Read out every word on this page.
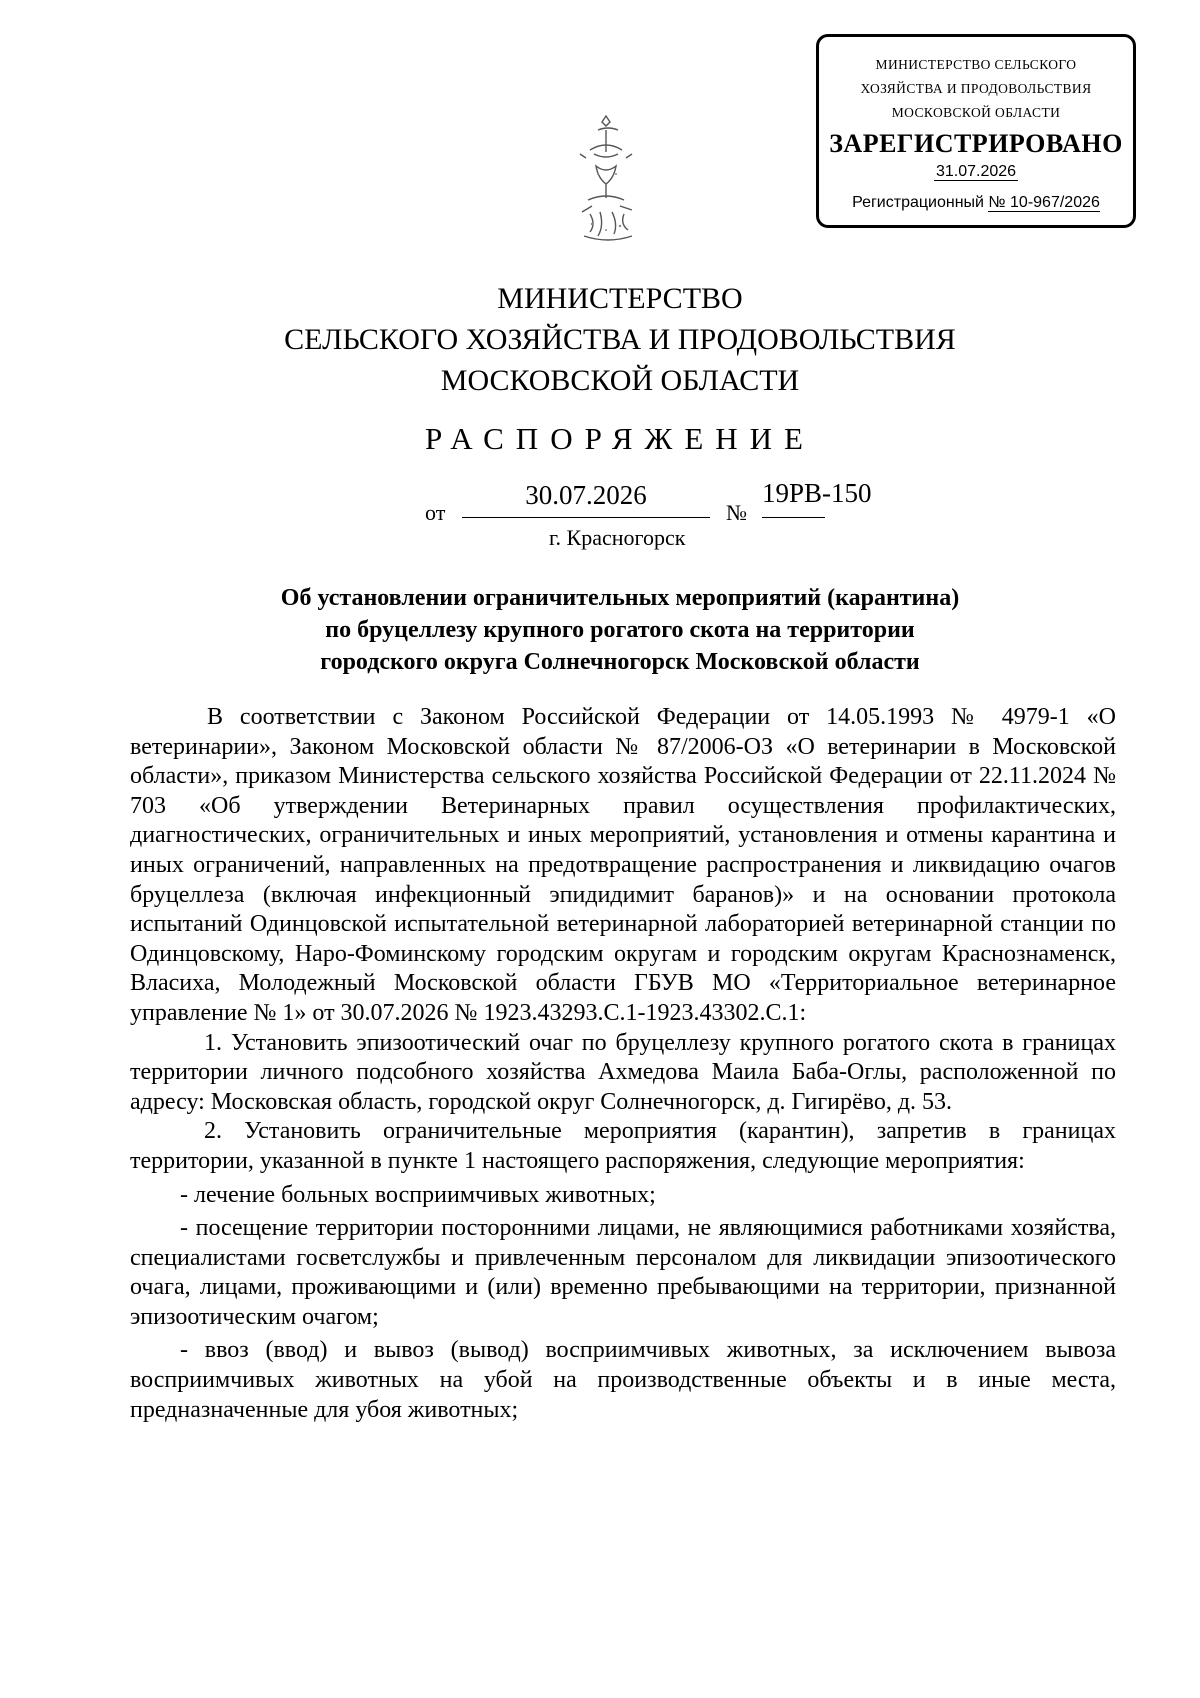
МИНИСТЕРСТВО СЕЛЬСКОГО
ХОЗЯЙСТВА И ПРОДОВОЛЬСТВИЯ
МОСКОВСКОЙ ОБЛАСТИ
ЗАРЕГИСТРИРОВАНО
31.07.2026
Регистрационный № 10-967/2026
МИНИСТЕРСТВО
СЕЛЬСКОГО ХОЗЯЙСТВА И ПРОДОВОЛЬСТВИЯ
МОСКОВСКОЙ ОБЛАСТИ
РАСПОРЯЖЕНИЕ
от
30.07.2026
№
19РВ-150
г. Красногорск
Об установлении ограничительных мероприятий (карантина)
по бруцеллезу крупного рогатого скота на территории
городского округа Солнечногорск Московской области

В соответствии с Законом Российской Федерации от 14.05.1993 № 4979-1 «О ветеринарии», Законом Московской области № 87/2006-ОЗ «О ветеринарии в Московской области», приказом Министерства сельского хозяйства Российской Федерации от 22.11.2024 № 703 «Об утверждении Ветеринарных правил осуществления профилактических, диагностических, ограничительных и иных мероприятий, установления и отмены карантина и иных ограничений, направленных на предотвращение распространения и ликвидацию очагов бруцеллеза (включая инфекционный эпидидимит баранов)» и на основании протокола испытаний Одинцовской испытательной ветеринарной лабораторией ветеринарной станции по Одинцовскому, Наро-Фоминскому городским округам и городским округам Краснознаменск, Власиха, Молодежный Московской области ГБУВ МО «Территориальное ветеринарное управление № 1» от 30.07.2026 № 1923.43293.С.1-1923.43302.С.1:

1. Установить эпизоотический очаг по бруцеллезу крупного рогатого скота в границах территории личного подсобного хозяйства Ахмедова Маила Баба-Оглы, расположенной по адресу: Московская область, городской округ Солнечногорск, д. Гигирёво, д. 53.

2. Установить ограничительные мероприятия (карантин), запретив в границах территории, указанной в пункте 1 настоящего распоряжения, следующие мероприятия:

- лечение больных восприимчивых животных;

- посещение территории посторонними лицами, не являющимися работниками хозяйства, специалистами госветслужбы и привлеченным персоналом для ликвидации эпизоотического очага, лицами, проживающими и (или) временно пребывающими на территории, признанной эпизоотическим очагом;

- ввоз (ввод) и вывоз (вывод) восприимчивых животных, за исключением вывоза восприимчивых животных на убой на производственные объекты и в иные места, предназначенные для убоя животных;
